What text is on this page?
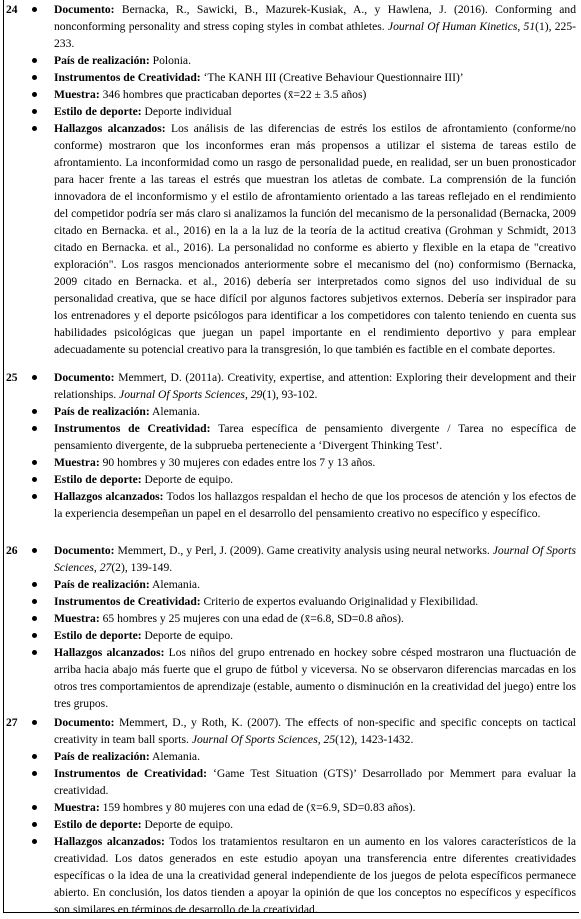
24	Documento: Bernacka, R., Sawicki, B., Mazurek-Kusiak, A., y Hawlena, J. (2016). Conforming and nonconforming personality and stress coping styles in combat athletes. Journal Of Human Kinetics, 51(1), 225-233.
País de realización: Polonia.
Instrumentos de Creatividad: ‘The KANH III (Creative Behaviour Questionnaire III)’
Muestra: 346 hombres que practicaban deportes (x̄=22 ± 3.5 años)
Estilo de deporte: Deporte individual
Hallazgos alcanzados: Los análisis de las diferencias de estrés los estilos de afrontamiento (conforme/no conforme) mostraron que los inconformes eran más propensos a utilizar el sistema de tareas estilo de afrontamiento. La inconformidad como un rasgo de personalidad puede, en realidad, ser un buen pronosticador para hacer frente a las tareas el estrés que muestran los atletas de combate. La comprensión de la función innovadora de el inconformismo y el estilo de afrontamiento orientado a las tareas reflejado en el rendimiento del competidor podría ser más claro si analizamos la función del mecanismo de la personalidad (Bernacka, 2009 citado en Bernacka. et al., 2016) en la a la luz de la teoría de la actitud creativa (Grohman y Schmidt, 2013 citado en Bernacka. et al., 2016). La personalidad no conforme es abierto y flexible en la etapa de "creativo exploración". Los rasgos mencionados anteriormente sobre el mecanismo del (no) conformismo (Bernacka, 2009 citado en Bernacka. et al., 2016) debería ser interpretados como signos del uso individual de su personalidad creativa, que se hace difícil por algunos factores subjetivos externos. Debería ser inspirador para los entrenadores y el deporte psicólogos para identificar a los competidores con talento teniendo en cuenta sus habilidades psicológicas que juegan un papel importante en el rendimiento deportivo y para emplear adecuadamente su potencial creativo para la transgresión, lo que también es factible en el combate deportes.
25	Documento: Memmert, D. (2011a). Creativity, expertise, and attention: Exploring their development and their relationships. Journal Of Sports Sciences, 29(1), 93-102.
País de realización: Alemania.
Instrumentos de Creatividad: Tarea específica de pensamiento divergente / Tarea no específica de pensamiento divergente, de la subprueba perteneciente a ‘Divergent Thinking Test’.
Muestra: 90 hombres y 30 mujeres con edades entre los 7 y 13 años.
Estilo de deporte: Deporte de equipo.
Hallazgos alcanzados: Todos los hallazgos respaldan el hecho de que los procesos de atención y los efectos de la experiencia desempeñan un papel en el desarrollo del pensamiento creativo no específico y específico.
26	Documento: Memmert, D., y Perl, J. (2009). Game creativity analysis using neural networks. Journal Of Sports Sciences, 27(2), 139-149.
País de realización: Alemania.
Instrumentos de Creatividad: Criterio de expertos evaluando Originalidad y Flexibilidad.
Muestra: 65 hombres y 25 mujeres con una edad de (x̄=6.8, SD=0.8 años).
Estilo de deporte: Deporte de equipo.
Hallazgos alcanzados: Los niños del grupo entrenado en hockey sobre césped mostraron una fluctuación de arriba hacia abajo más fuerte que el grupo de fútbol y viceversa. No se observaron diferencias marcadas en los otros tres comportamientos de aprendizaje (estable, aumento o disminución en la creatividad del juego) entre los tres grupos.
27	Documento: Memmert, D., y Roth, K. (2007). The effects of non-specific and specific concepts on tactical creativity in team ball sports. Journal Of Sports Sciences, 25(12), 1423-1432.
País de realización: Alemania.
Instrumentos de Creatividad: ‘Game Test Situation (GTS)’ Desarrollado por Memmert para evaluar la creatividad.
Muestra: 159 hombres y 80 mujeres con una edad de (x̄=6.9, SD=0.83 años).
Estilo de deporte: Deporte de equipo.
Hallazgos alcanzados: Todos los tratamientos resultaron en un aumento en los valores característicos de la creatividad. Los datos generados en este estudio apoyan una transferencia entre diferentes creatividades específicas o la idea de una la creatividad general independiente de los juegos de pelota específicos permanece abierto. En conclusión, los datos tienden a apoyar la opinión de que los conceptos no específicos y específicos son similares en términos de desarrollo de la creatividad.
